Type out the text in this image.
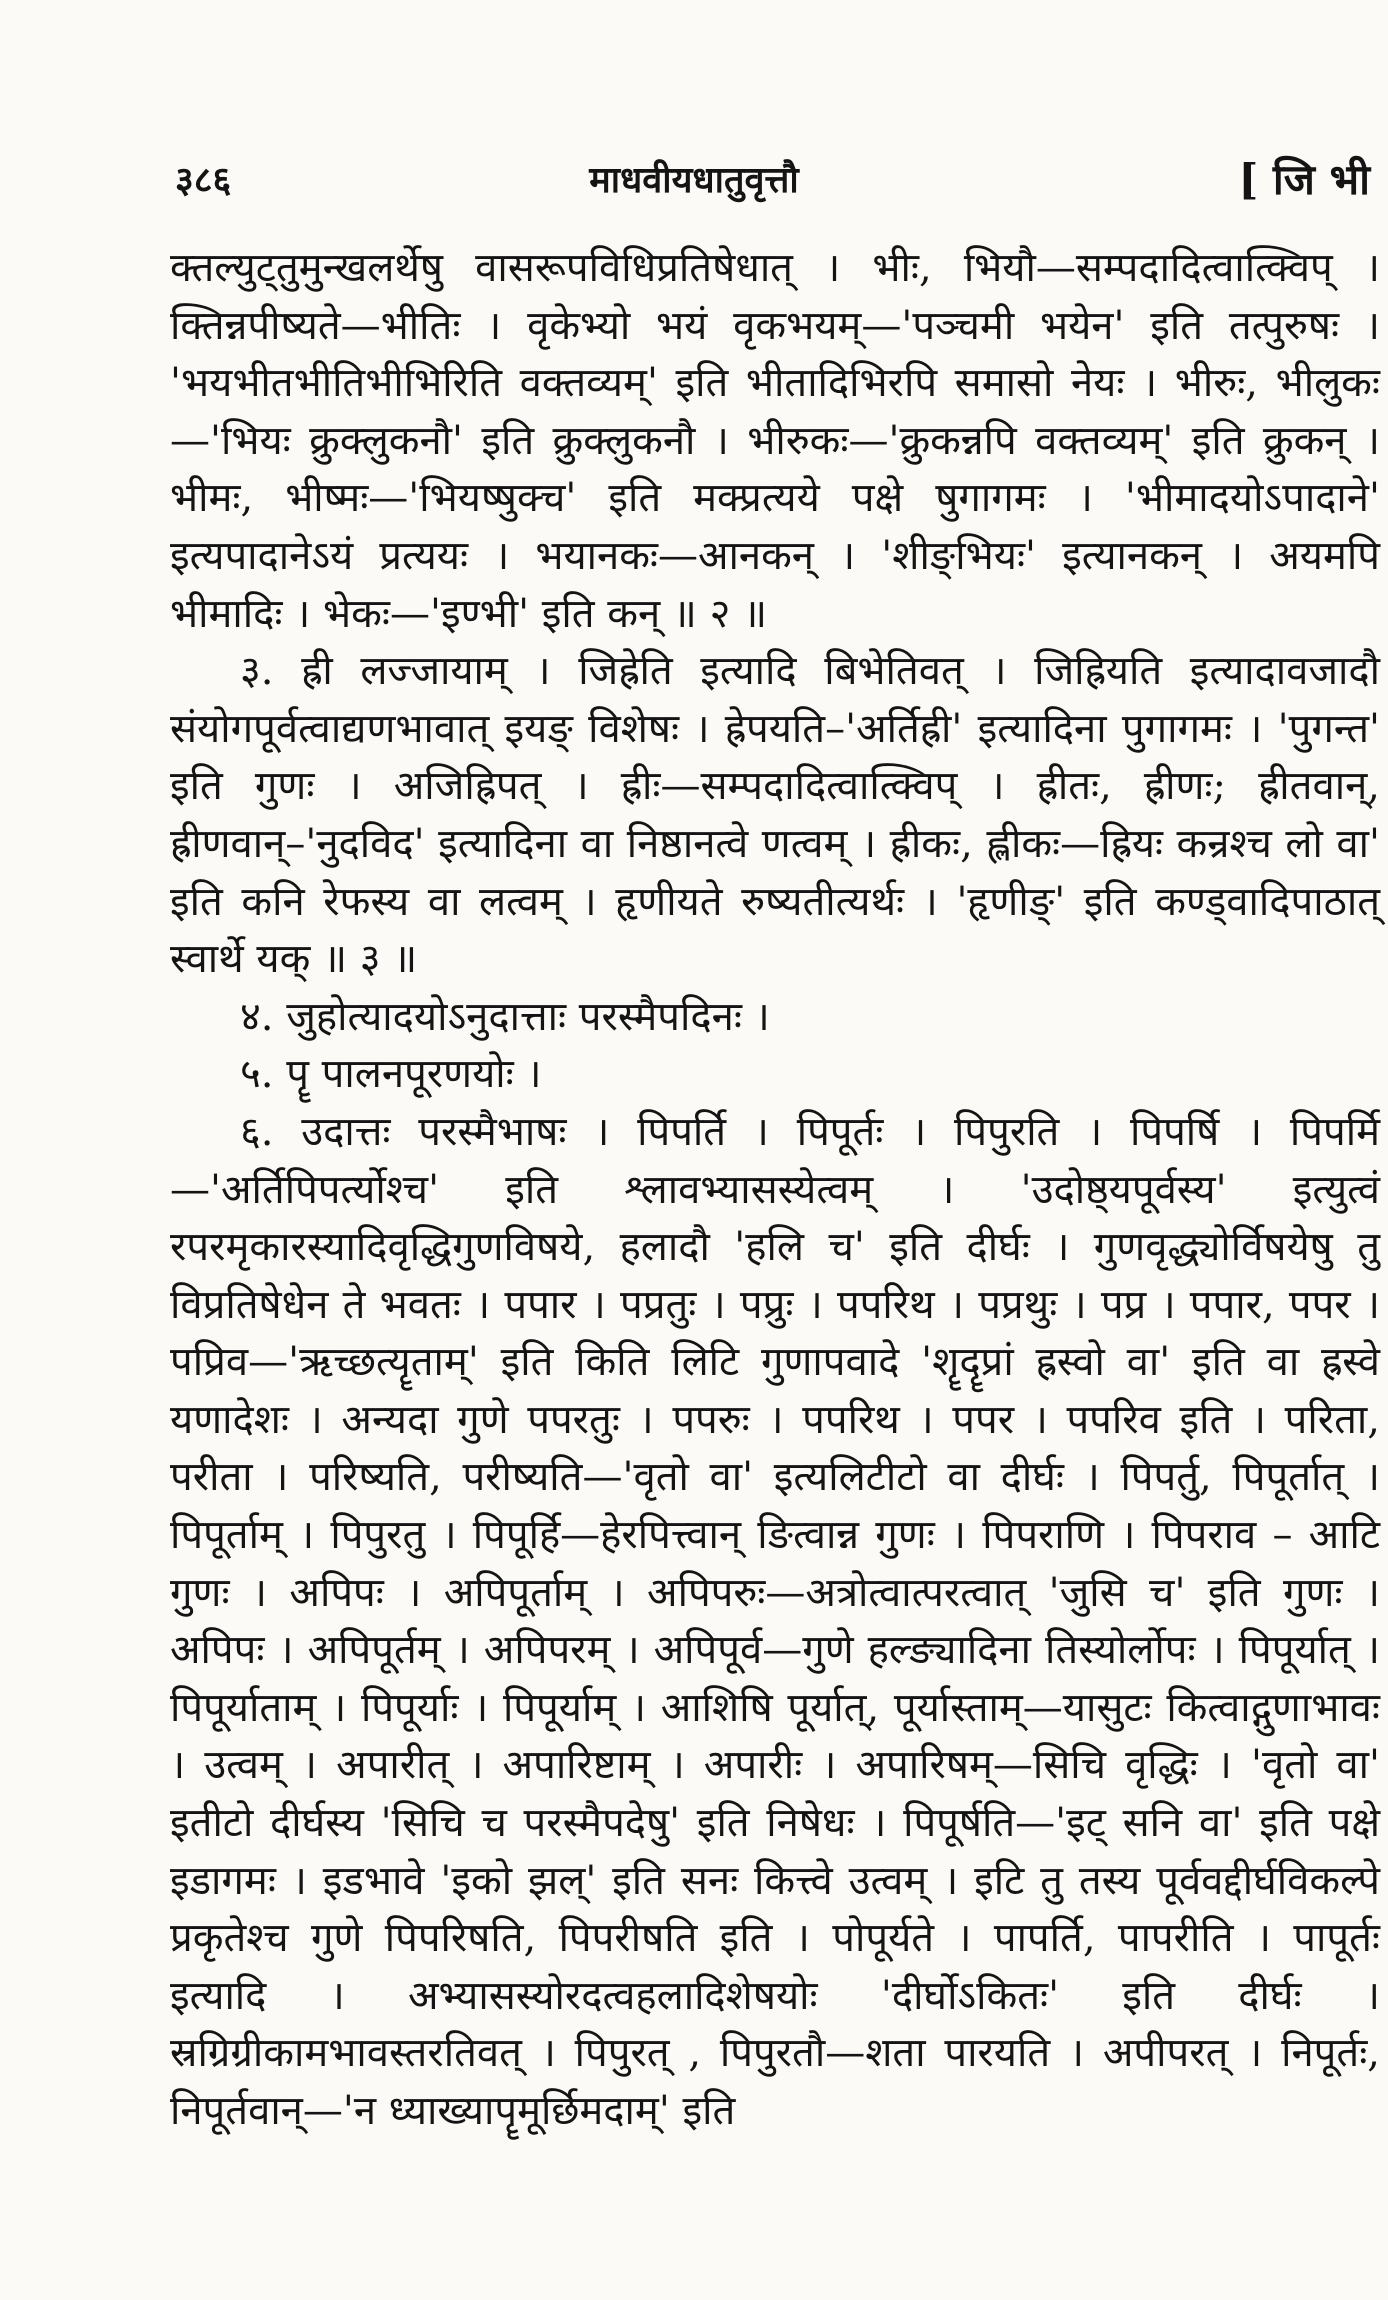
३८६	माधवीयधातुवृत्तौ	[ जि भी

क्तल्युट्तुमुन्खलर्थेषु वासरूपविधिप्रतिषेधात् । भीः, भियौ—सम्पदादित्वात्क्विप् । क्तिन्नपीष्यते—भीतिः । वृकेभ्यो भयं वृकभयम्—'पञ्चमी भयेन' इति तत्पुरुषः । 'भयभीतभीतिभीभिरिति वक्तव्यम्' इति भीतादिभिरपि समासो नेयः । भीरुः, भीलुकः—'भियः क्रुक्लुकनौ' इति क्रुक्लुकनौ । भीरुकः—'क्रुकन्नपि वक्तव्यम्' इति क्रुकन् । भीमः, भीष्मः—'भियष्षुक्च' इति मक्प्रत्यये पक्षे षुगागमः । 'भीमादयोऽपादाने' इत्यपादानेऽयं प्रत्ययः । भयानकः—आनकन् । 'शीङ्भियः' इत्यानकन् । अयमपि भीमादिः । भेकः—'इण्भी' इति कन् ॥ २ ॥

३. ह्री लज्जायाम् । जिह्रेति इत्यादि बिभेतिवत् । जिह्रियति इत्यादावजादौ संयोगपूर्वत्वाद्यणभावात् इयङ् विशेषः । ह्रेपयति–'अर्तिह्री' इत्यादिना पुगागमः । 'पुगन्त' इति गुणः । अजिह्रिपत् । ह्रीः—सम्पदादित्वात्क्विप् । ह्रीतः, ह्रीणः; ह्रीतवान्, ह्रीणवान्–'नुदविद' इत्यादिना वा निष्ठानत्वे णत्वम् । ह्रीकः, ह्लीकः—ह्रियः कन्रश्च लो वा' इति कनि रेफस्य वा लत्वम् । हृणीयते रुष्यतीत्यर्थः । 'हृणीङ्' इति कण्ड्वादिपाठात् स्वार्थे यक् ॥ ३ ॥

४. जुहोत्यादयोऽनुदात्ताः परस्मैपदिनः ।

५. पॄ पालनपूरणयोः ।

६. उदात्तः परस्मैभाषः । पिपर्ति । पिपूर्तः । पिपुरति । पिपर्षि । पिपर्मि—'अर्तिपिपर्त्योश्च' इति श्लावभ्यासस्येत्वम् । 'उदोष्ठ्यपूर्वस्य' इत्युत्वं रपरमृकारस्यादिवृद्धिगुणविषये, हलादौ 'हलि च' इति दीर्घः । गुणवृद्ध्योर्विषयेषु तु विप्रतिषेधेन ते भवतः । पपार । पप्रतुः । पप्रुः । पपरिथ । पप्रथुः । पप्र । पपार, पपर । पप्रिव—'ऋच्छत्यॄताम्' इति किति लिटि गुणापवादे 'शॄदॄप्रां ह्रस्वो वा' इति वा ह्रस्वे यणादेशः । अन्यदा गुणे पपरतुः । पपरुः । पपरिथ । पपर । पपरिव इति । परिता, परीता । परिष्यति, परीष्यति—'वृतो वा' इत्यलिटीटो वा दीर्घः । पिपर्तु, पिपूर्तात् । पिपूर्ताम् । पिपुरतु । पिपूर्हि—हेरपित्त्वान् ङित्वान्न गुणः । पिपराणि । पिपराव – आटि गुणः । अपिपः । अपिपूर्ताम् । अपिपरुः—अत्रोत्वात्परत्वात् 'जुसि च' इति गुणः । अपिपः । अपिपूर्तम् । अपिपरम् । अपिपूर्व—गुणे हल्ङ्यादिना तिस्योर्लोपः । पिपूर्यात् । पिपूर्याताम् । पिपूर्याः । पिपूर्याम् । आशिषि पूर्यात्, पूर्यास्ताम्—यासुटः कित्वाद्गुणाभावः । उत्वम् । अपारीत् । अपारिष्टाम् । अपारीः । अपारिषम्—सिचि वृद्धिः । 'वृतो वा' इतीटो दीर्घस्य 'सिचि च परस्मैपदेषु' इति निषेधः । पिपूर्षति—'इट् सनि वा' इति पक्षे इडागमः । इडभावे 'इको झल्' इति सनः कित्त्वे उत्वम् । इटि तु तस्य पूर्ववद्दीर्घविकल्पे प्रकृतेश्च गुणे पिपरिषति, पिपरीषति इति । पोपूर्यते । पापर्ति, पापरीति । पापूर्तः इत्यादि । अभ्यासस्योरदत्वहलादिशेषयोः 'दीर्घोऽकितः' इति दीर्घः । स्रग्रिग्रीकामभावस्तरतिवत् । पिपुरत् , पिपुरतौ—शता पारयति । अपीपरत् । निपूर्तः, निपूर्तवान्—'न ध्याख्यापॄमूर्छिमदाम्' इति
